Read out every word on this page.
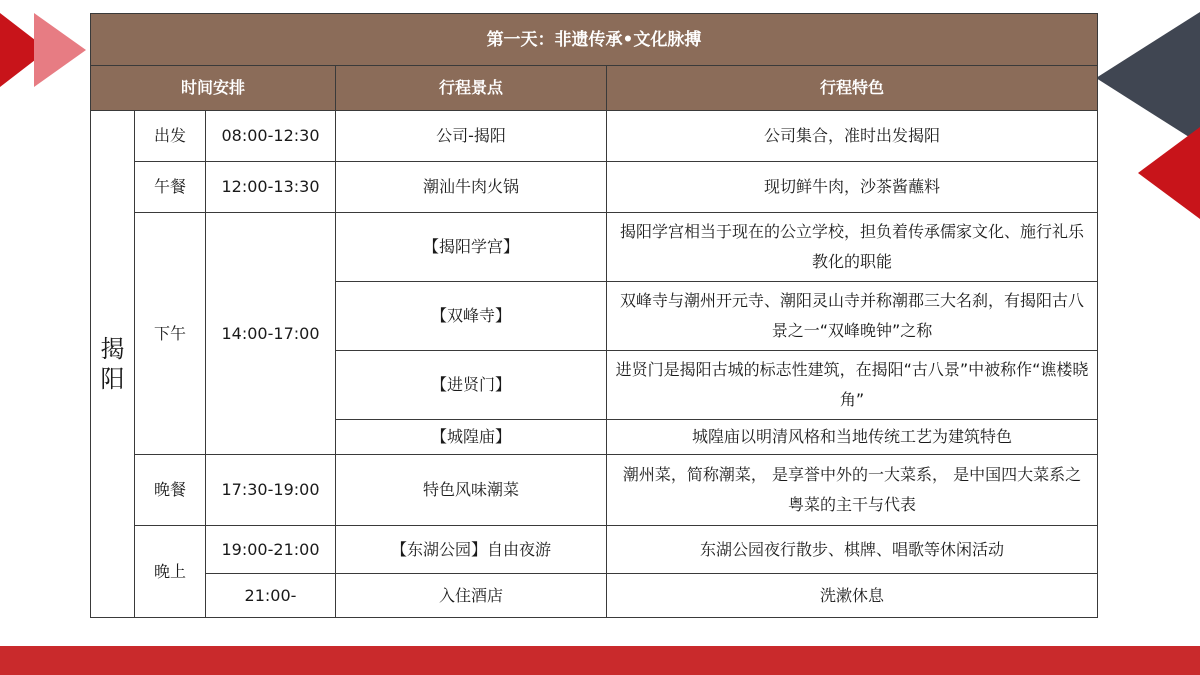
第一天：非遗传承•文化脉搏				
时间安排			行程景点	行程特色

揭
阳	出发	08:00-12:30	公司-揭阳	公司集合，准时出发揭阳
	午餐	12:00-13:30	潮汕牛肉火锅	现切鲜牛肉，沙茶酱蘸料
	下午	14:00-17:00	【揭阳学宫】	揭阳学宫相当于现在的公立学校，担负着传承儒家文化、施行礼乐教化的职能
			【双峰寺】	双峰寺与潮州开元寺、潮阳灵山寺并称潮郡三大名刹，有揭阳古八景之一“双峰晚钟”之称
			【进贤门】	进贤门是揭阳古城的标志性建筑，在揭阳“古八景”中被称作“谯楼晓角”
			【城隍庙】	城隍庙以明清风格和当地传统工艺为建筑特色
	晚餐	17:30-19:00	特色风味潮菜	潮州菜，简称潮菜， 是享誉中外的一大菜系， 是中国四大菜系之粤菜的主干与代表
	晚上	19:00-21:00	【东湖公园】自由夜游	东湖公园夜行散步、棋牌、唱歌等休闲活动
		21:00-	入住酒店	洗漱休息
